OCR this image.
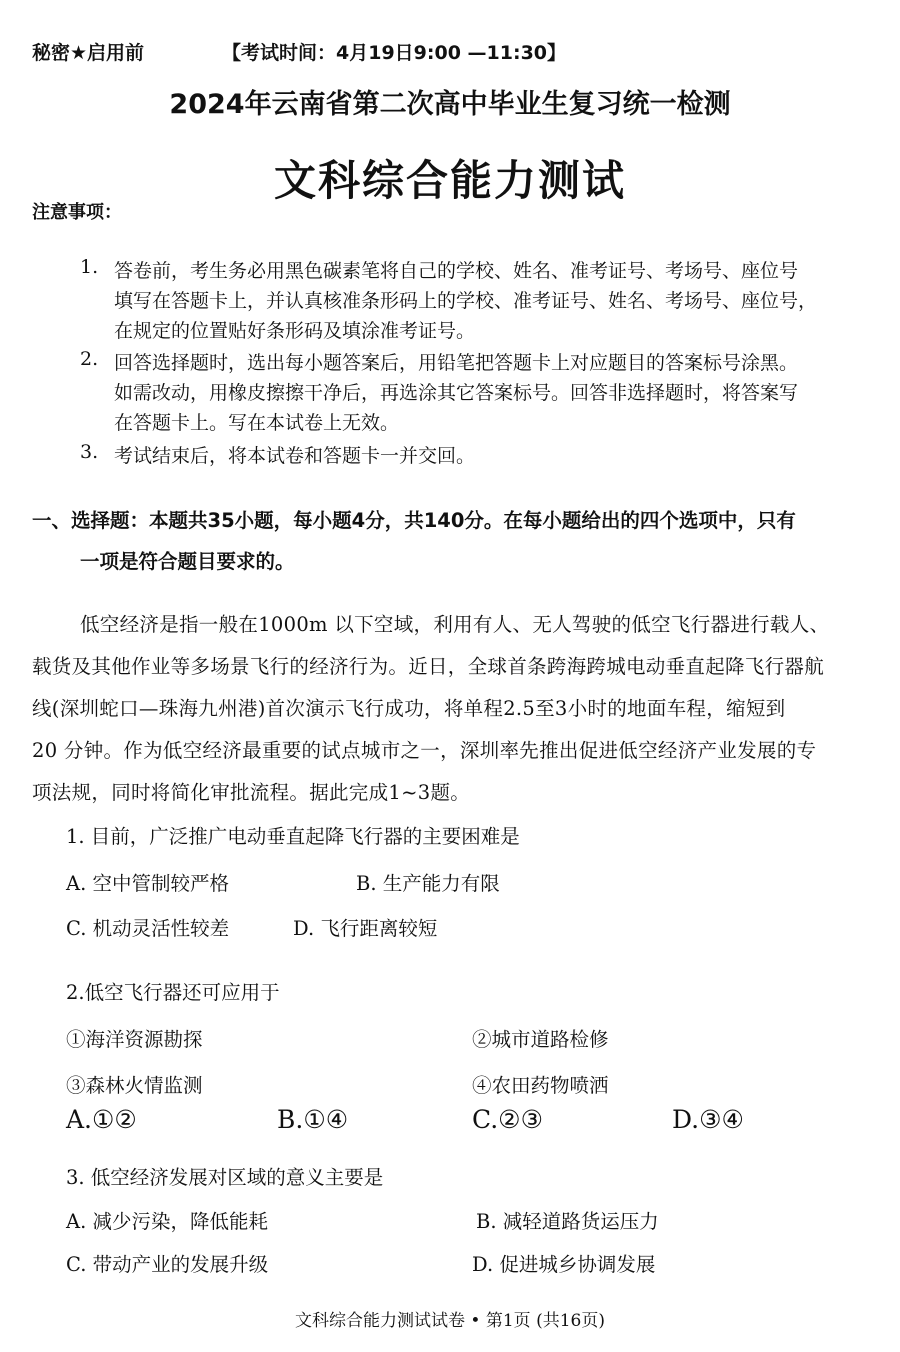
秘密★启用前	【考试时间：4月19日9:00 —11:30】
2024年云南省第二次高中毕业生复习统一检测
文科综合能力测试
注意事项：
1. 答卷前，考生务必用黑色碳素笔将自己的学校、姓名、准考证号、考场号、座位号
填写在答题卡上，并认真核准条形码上的学校、准考证号、姓名、考场号、座位号，
在规定的位置贴好条形码及填涂准考证号。
2. 回答选择题时，选出每小题答案后，用铅笔把答题卡上对应题目的答案标号涂黑。
如需改动，用橡皮擦擦干净后，再选涂其它答案标号。回答非选择题时，将答案写
在答题卡上。写在本试卷上无效。
3. 考试结束后，将本试卷和答题卡一并交回。
一、选择题：本题共35小题，每小题4分，共140分。在每小题给出的四个选项中，只有
一项是符合题目要求的。
低空经济是指一般在1000m 以下空域，利用有人、无人驾驶的低空飞行器进行载人、
载货及其他作业等多场景飞行的经济行为。近日，全球首条跨海跨城电动垂直起降飞行器航
线(深圳蛇口—珠海九州港)首次演示飞行成功，将单程2.5至3小时的地面车程，缩短到
20 分钟。作为低空经济最重要的试点城市之一，深圳率先推出促进低空经济产业发展的专
项法规，同时将简化审批流程。据此完成1~3题。
1. 目前，广泛推广电动垂直起降飞行器的主要困难是
A. 空中管制较严格	B. 生产能力有限
C. 机动灵活性较差	D. 飞行距离较短
2.低空飞行器还可应用于
①海洋资源勘探	②城市道路检修
③森林火情监测	④农田药物喷洒
A.①②	B.①④	C.②③	D.③④
3. 低空经济发展对区域的意义主要是
A. 减少污染，降低能耗	B. 减轻道路货运压力
C. 带动产业的发展升级	D. 促进城乡协调发展
文科综合能力测试试卷 • 第1页 (共16页)
